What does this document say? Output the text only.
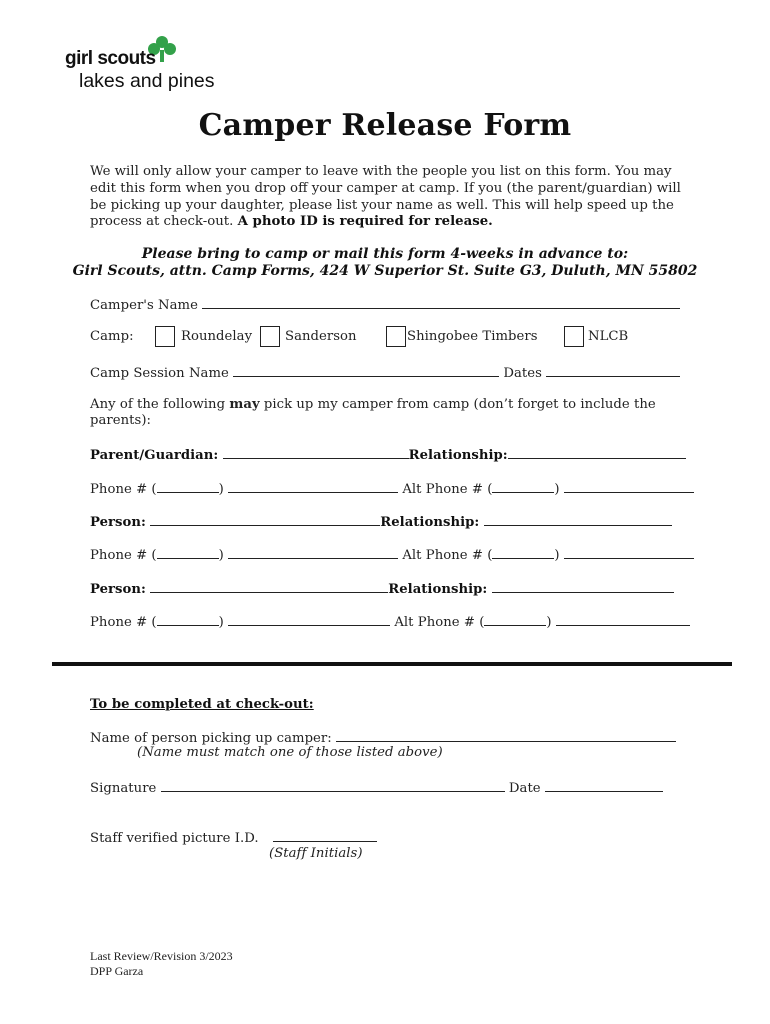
girl scouts
lakes and pines
Camper Release Form
We will only allow your camper to leave with the people you list on this form. You may edit this form when you drop off your camper at camp. If you (the parent/guardian) will be picking up your daughter, please list your name as well. This will help speed up the process at check-out. A photo ID is required for release.
Please bring to camp or mail this form 4-weeks in advance to:
Girl Scouts, attn. Camp Forms, 424 W Superior St. Suite G3, Duluth, MN 55802
Camper's Name
Camp:	Roundelay Sanderson	Shingobee Timbers	NLCB
Camp Session Name	Dates
Any of the following may pick up my camper from camp (don’t forget to include the
parents):
Parent/Guardian:	Relationship:
Phone # (	)	Alt Phone # (	)
Person:	Relationship:
Phone # (	)	Alt Phone # (	)
Person:	Relationship:
Phone # (	)	Alt Phone # (	)
To be completed at check-out:
Name of person picking up camper:
(Name must match one of those listed above)
Signature	Date
Staff verified picture I.D.
(Staff Initials)
Last Review/Revision 3/2023
DPP Garza
